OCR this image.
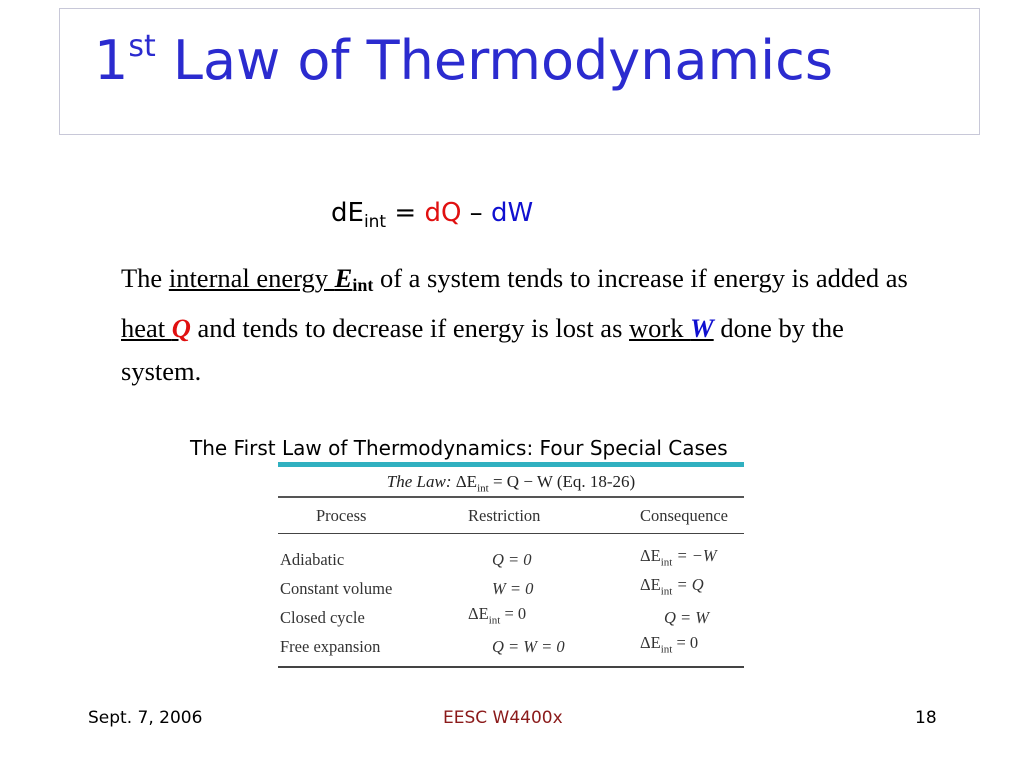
1st Law of Thermodynamics
$dE_{int}$ = dQ – dW
The internal energy Eint of a system tends to increase if energy is added as heat Q and tends to decrease if energy is lost as work W done by the system.
The First Law of Thermodynamics: Four Special Cases
The Law: $\Delta E_{int} = Q - W$ (Eq. 18-26)
Process	Restriction	Consequence
Adiabatic	Q = 0	$\Delta E_{int} = -W$
Constant volume	W = 0	$\Delta E_{int} = Q$
Closed cycle	$\Delta E_{int} = 0$	Q = W
Free expansion	Q = W = 0	$\Delta E_{int} = 0$
Sept. 7, 2006	EESC W4400x	18
